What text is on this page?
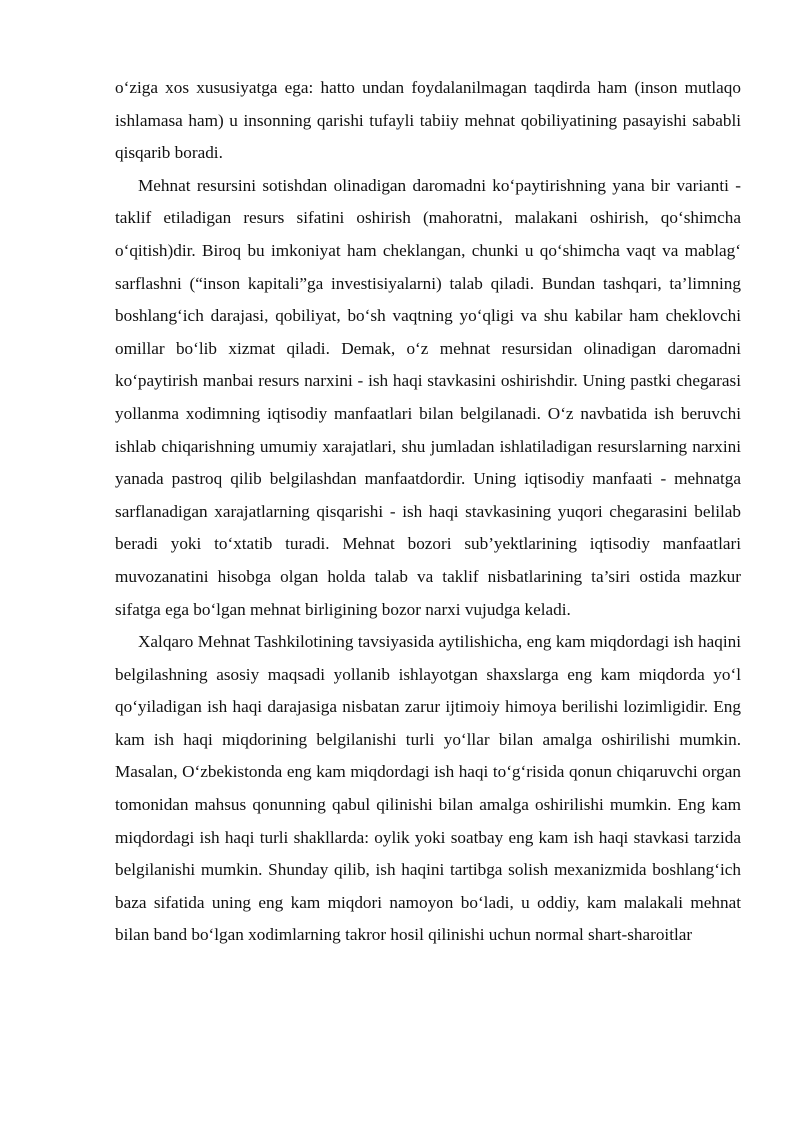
o‘ziga xos xususiyatga ega: hatto undan foydalanilmagan taqdirda ham (inson mutlaqo ishlamasa ham) u insonning qarishi tufayli tabiiy mehnat qobiliyatining pasayishi sababli qisqarib boradi.

Mehnat resursini sotishdan olinadigan daromadni ko‘paytirishning yana bir varianti - taklif etiladigan resurs sifatini oshirish (mahoratni, malakani oshirish, qo‘shimcha o‘qitish)dir. Biroq bu imkoniyat ham cheklangan, chunki u qo‘shimcha vaqt va mablag‘ sarflashni (“inson kapitali”ga investisiyalarni) talab qiladi. Bundan tashqari, ta’limning boshlang‘ich darajasi, qobiliyat, bo‘sh vaqtning yo‘qligi va shu kabilar ham cheklovchi omillar bo‘lib xizmat qiladi. Demak, o‘z mehnat resursidan olinadigan daromadni ko‘paytirish manbai resurs narxini - ish haqi stavkasini oshirishdir. Uning pastki chegarasi yollanma xodimning iqtisodiy manfaatlari bilan belgilanadi. O‘z navbatida ish beruvchi ishlab chiqarishning umumiy xarajatlari, shu jumladan ishlatiladigan resurslarning narxini yanada pastroq qilib belgilashdan manfaatdordir. Uning iqtisodiy manfaati - mehnatga sarflanadigan xarajatlarning qisqarishi - ish haqi stavkasining yuqori chegarasini belilab beradi yoki to‘xtatib turadi. Mehnat bozori sub’yektlarining iqtisodiy manfaatlari muvozanatini hisobga olgan holda talab va taklif nisbatlarining ta’siri ostida mazkur sifatga ega bo‘lgan mehnat birligining bozor narxi vujudga keladi.

Xalqaro Mehnat Tashkilotining tavsiyasida aytilishicha, eng kam miqdordagi ish haqini belgilashning asosiy maqsadi yollanib ishlayotgan shaxslarga eng kam miqdorda yo‘l qo‘yiladigan ish haqi darajasiga nisbatan zarur ijtimoiy himoya berilishi lozimligidir. Eng kam ish haqi miqdorining belgilanishi turli yo‘llar bilan amalga oshirilishi mumkin. Masalan, O‘zbekistonda eng kam miqdordagi ish haqi to‘g‘risida qonun chiqaruvchi organ tomonidan mahsus qonunning qabul qilinishi bilan amalga oshirilishi mumkin. Eng kam miqdordagi ish haqi turli shakllarda: oylik yoki soatbay eng kam ish haqi stavkasi tarzida belgilanishi mumkin. Shunday qilib, ish haqini tartibga solish mexanizmida boshlang‘ich baza sifatida uning eng kam miqdori namoyon bo‘ladi, u oddiy, kam malakali mehnat bilan band bo‘lgan xodimlarning takror hosil qilinishi uchun normal shart-sharoitlar
